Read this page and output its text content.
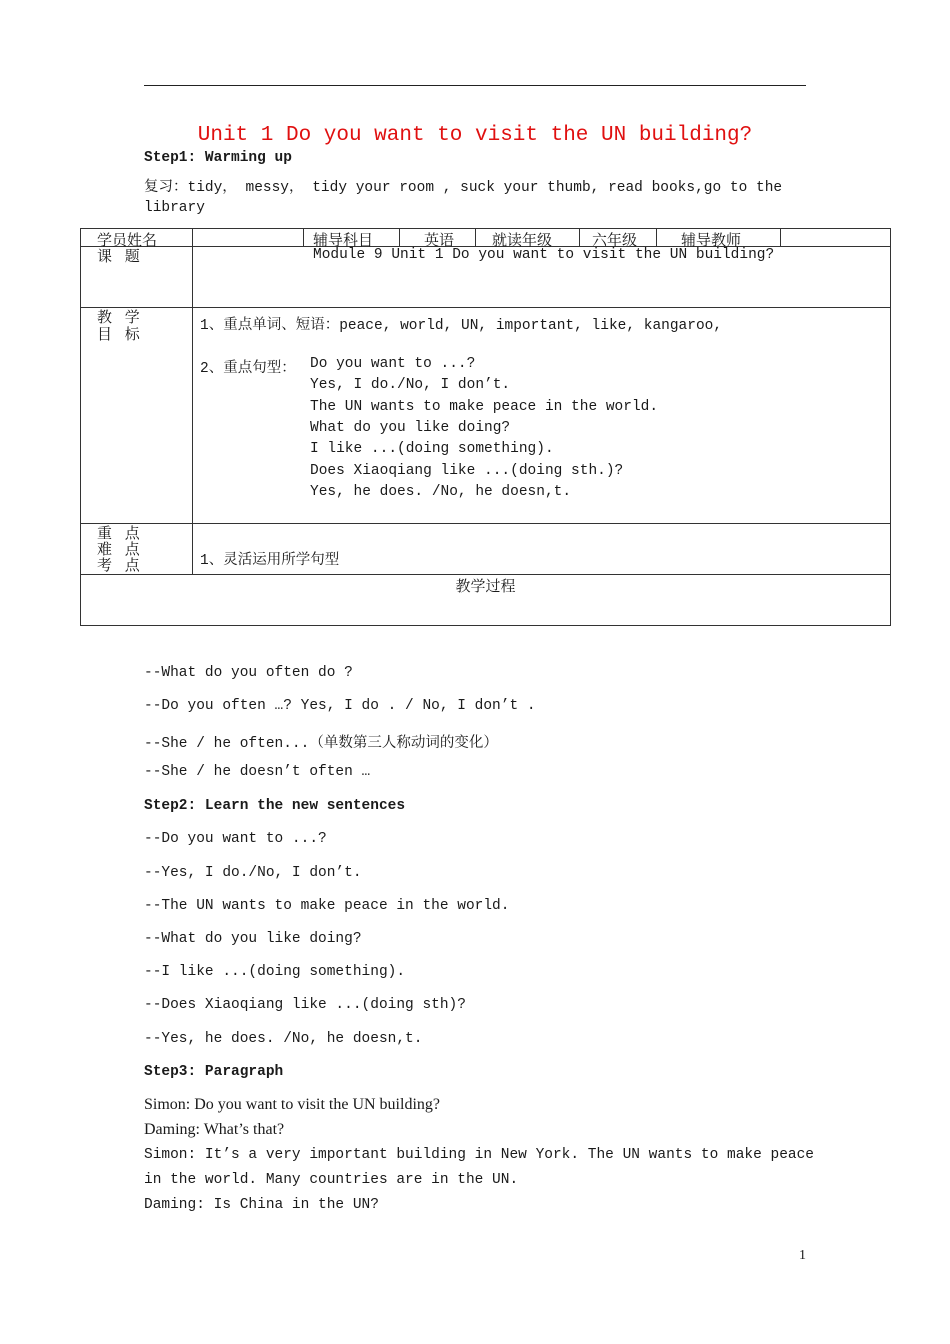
Unit 1 Do you want to visit the UN building?
Step1: Warming up
复习：tidy， messy， tidy your room , suck your thumb, read books,go to the
library
学员姓名	辅导科目	英语	就读年级	六年级	辅导教师
课 题	Module 9 Unit 1 Do you want to visit the UN building?
教 学
目 标	1、重点单词、短语：peace, world, UN, important, like, kangaroo,
2、重点句型： Do you want to ...?
Yes, I do./No, I don’t.
The UN wants to make peace in the world.
What do you like doing?
I like ...(doing something).
Does Xiaoqiang like ...(doing sth.)?
Yes, he does. /No, he doesn,t.
重 点
难 点
考 点	1、灵活运用所学句型
教学过程
--What do you often do ?
--Do you often …? Yes, I do . / No, I don’t .
--She / he often...（单数第三人称动词的变化）
--She / he doesn’t often …
Step2: Learn the new sentences
--Do you want to ...?
--Yes, I do./No, I don’t.
--The UN wants to make peace in the world.
--What do you like doing?
--I like ...(doing something).
--Does Xiaoqiang like ...(doing sth)?
--Yes, he does. /No, he doesn,t.
Step3: Paragraph
Simon: Do you want to visit the UN building?
Daming: What’s that?
Simon: It’s a very important building in New York. The UN wants to make peace
in the world. Many countries are in the UN.
Daming: Is China in the UN?
1
